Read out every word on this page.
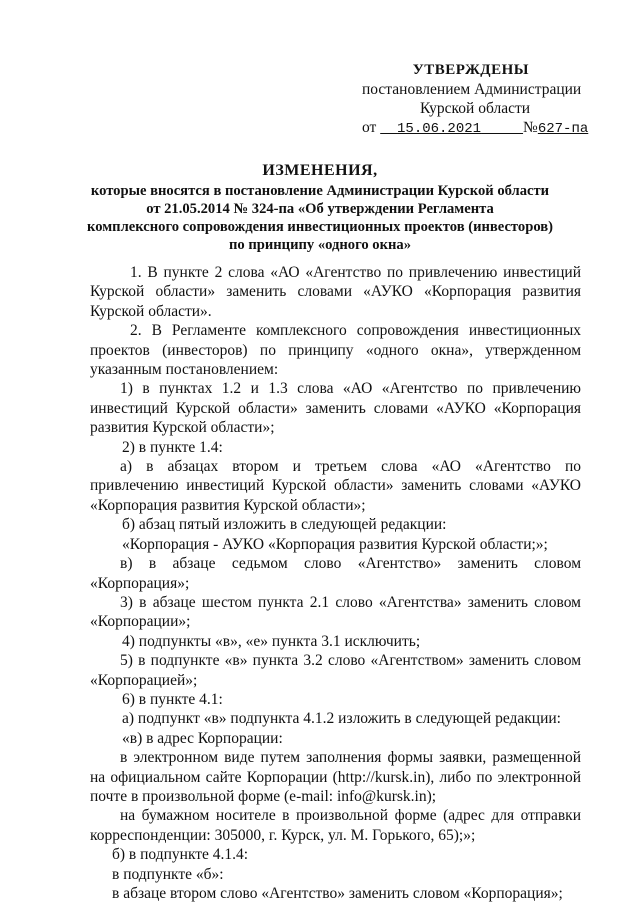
УТВЕРЖДЕНЫ
постановлением Администрации
Курской области
от 15.06.2021	№627-па
ИЗМЕНЕНИЯ,
которые вносятся в постановление Администрации Курской области
от 21.05.2014 № 324-па «Об утверждении Регламента
комплексного сопровождения инвестиционных проектов (инвесторов)
по принципу «одного окна»

1. В пункте 2 слова «АО «Агентство по привлечению инвестиций Курской области» заменить словами «АУКО «Корпорация развития Курской области».

2. В Регламенте комплексного сопровождения инвестиционных проектов (инвесторов) по принципу «одного окна», утвержденном указанным постановлением:

1) в пунктах 1.2 и 1.3 слова «АО «Агентство по привлечению инвестиций Курской области» заменить словами «АУКО «Корпорация развития Курской области»;

2) в пункте 1.4:

а) в абзацах втором и третьем слова «АО «Агентство по привлечению инвестиций Курской области» заменить словами «АУКО «Корпорация развития Курской области»;

б) абзац пятый изложить в следующей редакции:

«Корпорация - АУКО «Корпорация развития Курской области;»;

в) в абзаце седьмом слово «Агентство» заменить словом «Корпорация»;

3) в абзаце шестом пункта 2.1 слово «Агентства» заменить словом «Корпорации»;

4) подпункты «в», «е» пункта 3.1 исключить;

5) в подпункте «в» пункта 3.2 слово «Агентством» заменить словом «Корпорацией»;

6) в пункте 4.1:

а) подпункт «в» подпункта 4.1.2 изложить в следующей редакции:

«в) в адрес Корпорации:

в электронном виде путем заполнения формы заявки, размещенной на официальном сайте Корпорации (http://kursk.in), либо по электронной почте в произвольной форме (e-mail: info@kursk.in);

на бумажном носителе в произвольной форме (адрес для отправки корреспонденции: 305000, г. Курск, ул. М. Горького, 65);»;

б) в подпункте 4.1.4:

в подпункте «б»:

в абзаце втором слово «Агентство» заменить словом «Корпорация»;
